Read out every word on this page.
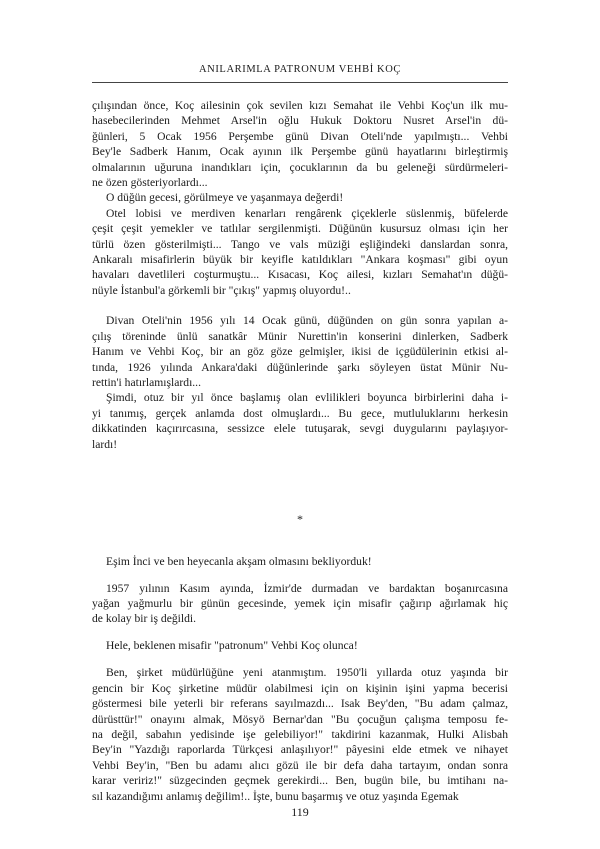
ANILARIMLA PATRONUM VEHBİ KOÇ

çılışından önce, Koç ailesinin çok sevilen kızı Semahat ile Vehbi Koç'un ilk mu-
hasebecilerinden Mehmet Arsel'in oğlu Hukuk Doktoru Nusret Arsel'in dü-
ğünleri, 5 Ocak 1956 Perşembe günü Divan Oteli'nde yapılmıştı... Vehbi
Bey'le Sadberk Hanım, Ocak ayının ilk Perşembe günü hayatlarını birleştirmiş
olmalarının uğuruna inandıkları için, çocuklarının da bu geleneği sürdürmeleri-
ne özen gösteriyorlardı...

O düğün gecesi, görülmeye ve yaşanmaya değerdi!

Otel lobisi ve merdiven kenarları rengârenk çiçeklerle süslenmiş, büfelerde
çeşit çeşit yemekler ve tatlılar sergilenmişti. Düğünün kusursuz olması için her
türlü özen gösterilmişti... Tango ve vals müziği eşliğindeki danslardan sonra,
Ankaralı misafirlerin büyük bir keyifle katıldıkları "Ankara koşması" gibi oyun
havaları davetlileri coşturmuştu... Kısacası, Koç ailesi, kızları Semahat'ın düğü-
nüyle İstanbul'a görkemli bir "çıkış" yapmış oluyordu!..

Divan Oteli'nin 1956 yılı 14 Ocak günü, düğünden on gün sonra yapılan a-
çılış töreninde ünlü sanatkâr Münir Nurettin'in konserini dinlerken, Sadberk
Hanım ve Vehbi Koç, bir an göz göze gelmişler, ikisi de içgüdülerinin etkisi al-
tında, 1926 yılında Ankara'daki düğünlerinde şarkı söyleyen üstat Münir Nu-
rettin'i hatırlamışlardı...

Şimdi, otuz bir yıl önce başlamış olan evlilikleri boyunca birbirlerini daha i-
yi tanımış, gerçek anlamda dost olmuşlardı... Bu gece, mutluluklarını herkesin
dikkatinden kaçırırcasına, sessizce elele tutuşarak, sevgi duygularını paylaşıyor-
lardı!

*

Eşim İnci ve ben heyecanla akşam olmasını bekliyorduk!

1957 yılının Kasım ayında, İzmir'de durmadan ve bardaktan boşanırcasına
yağan yağmurlu bir günün gecesinde, yemek için misafir çağırıp ağırlamak hiç
de kolay bir iş değildi.

Hele, beklenen misafir "patronum" Vehbi Koç olunca!

Ben, şirket müdürlüğüne yeni atanmıştım. 1950'li yıllarda otuz yaşında bir
gencin bir Koç şirketine müdür olabilmesi için on kişinin işini yapma becerisi
göstermesi bile yeterli bir referans sayılmazdı... Isak Bey'den, "Bu adam çalmaz,
dürüsttür!" onayını almak, Mösyö Bernar'dan "Bu çocuğun çalışma temposu fe-
na değil, sabahın yedisinde işe gelebiliyor!" takdirini kazanmak, Hulki Alisbah
Bey'in "Yazdığı raporlarda Türkçesi anlaşılıyor!" pâyesini elde etmek ve nihayet
Vehbi Bey'in, "Ben bu adamı alıcı gözü ile bir defa daha tartayım, ondan sonra
karar veririz!" süzgecinden geçmek gerekirdi... Ben, bugün bile, bu imtihanı na-
sıl kazandığımı anlamış değilim!.. İşte, bunu başarmış ve otuz yaşında Egemak

119
